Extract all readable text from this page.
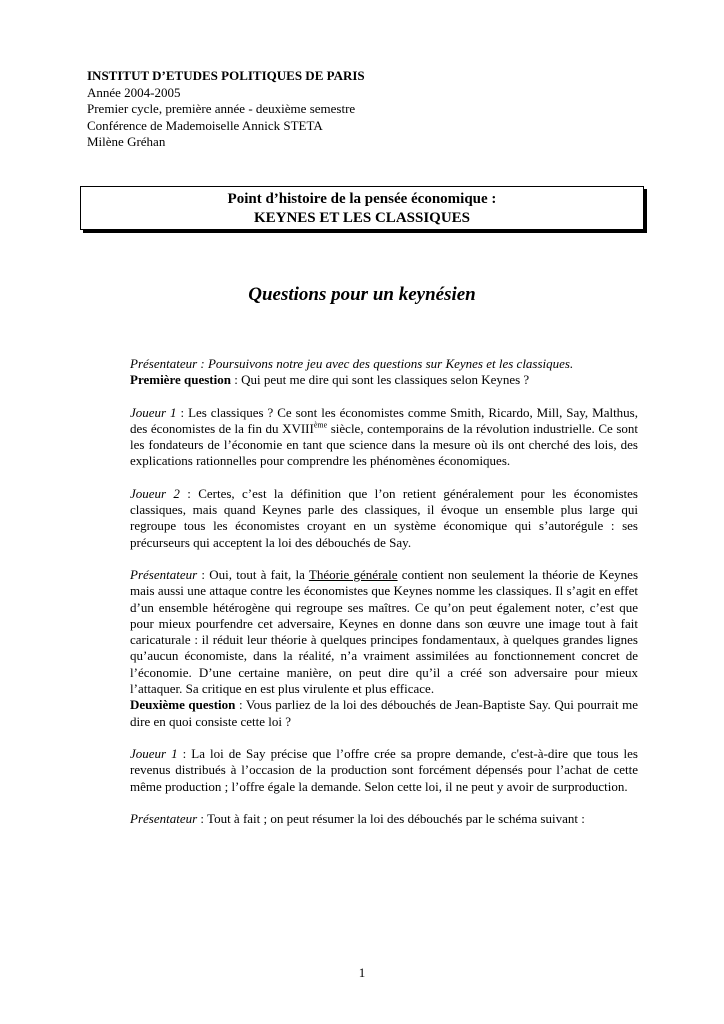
INSTITUT D’ETUDES POLITIQUES DE PARIS
Année 2004-2005
Premier cycle, première année - deuxième semestre
Conférence de Mademoiselle Annick STETA
Milène Gréhan
Point d’histoire de la pensée économique :
KEYNES ET LES CLASSIQUES
Questions pour un keynésien

Présentateur : Poursuivons notre jeu avec des questions sur Keynes et les classiques.
Première question : Qui peut me dire qui sont les classiques selon Keynes ?

Joueur 1 : Les classiques ? Ce sont les économistes comme Smith, Ricardo, Mill, Say, Malthus, des économistes de la fin du XVIIIème siècle, contemporains de la révolution industrielle. Ce sont les fondateurs de l’économie en tant que science dans la mesure où ils ont cherché des lois, des explications rationnelles pour comprendre les phénomènes économiques.

Joueur 2 : Certes, c’est la définition que l’on retient généralement pour les économistes classiques, mais quand Keynes parle des classiques, il évoque un ensemble plus large qui regroupe tous les économistes croyant en un système économique qui s’autorégule : ses précurseurs qui acceptent la loi des débouchés de Say.

Présentateur : Oui, tout à fait, la Théorie générale contient non seulement la théorie de Keynes mais aussi une attaque contre les économistes que Keynes nomme les classiques. Il s’agit en effet d’un ensemble hétérogène qui regroupe ses maîtres. Ce qu’on peut également noter, c’est que pour mieux pourfendre cet adversaire, Keynes en donne dans son œuvre une image tout à fait caricaturale : il réduit leur théorie à quelques principes fondamentaux, à quelques grandes lignes qu’aucun économiste, dans la réalité, n’a vraiment assimilées au fonctionnement concret de l’économie. D’une certaine manière, on peut dire qu’il a créé son adversaire pour mieux l’attaquer. Sa critique en est plus virulente et plus efficace.
Deuxième question : Vous parliez de la loi des débouchés de Jean-Baptiste Say. Qui pourrait me dire en quoi consiste cette loi ?

Joueur 1 : La loi de Say précise que l’offre crée sa propre demande, c'est-à-dire que tous les revenus distribués à l’occasion de la production sont forcément dépensés pour l’achat de cette même production ; l’offre égale la demande. Selon cette loi, il ne peut y avoir de surproduction.

Présentateur : Tout à fait ; on peut résumer la loi des débouchés par le schéma suivant :

1
